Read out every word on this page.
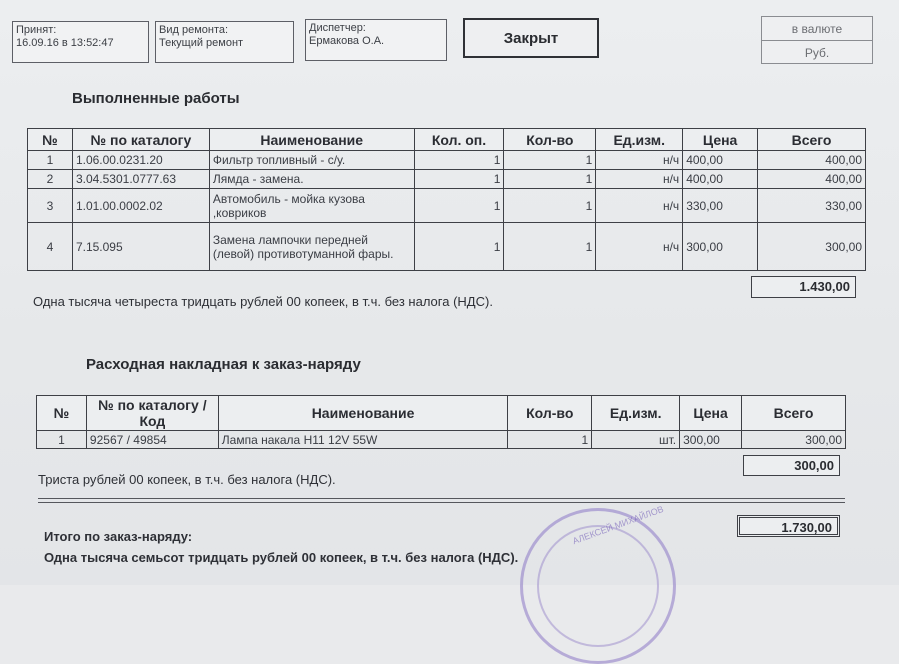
Принят:
16.09.16 в 13:52:47
Вид ремонта:
Текущий ремонт
Диспетчер:
Ермакова О.А.	Закрыт
в валюте
Руб.
Выполненные работы
№	№ по каталогу	Наименование	Кол. оп.	Кол-во	Ед.изм.	Цена	Всего
1	1.06.00.0231.20	Фильтр топливный - с/у.	1	1	н/ч	400,00	400,00
2	3.04.5301.0777.63	Лямда - замена.	1	1	н/ч	400,00	400,00
3	1.01.00.0002.02	Автомобиль - мойка кузова ,ковриков	1	1	н/ч	330,00	330,00
4	7.15.095	Замена лампочки передней (левой) противотуманной фары.	1	1	н/ч	300,00	300,00
1.430,00
Одна тысяча четыреста тридцать рублей 00 копеек, в т.ч. без налога (НДС).
Расходная накладная к заказ-наряду
№	№ по каталогу / Код	Наименование	Кол-во	Ед.изм.	Цена	Всего
1	92567 / 49854	Лампа накала H11 12V 55W	1	шт.	300,00	300,00
300,00
Триста рублей 00 копеек, в т.ч. без налога (НДС).
АЛЕКСЕЙ МИХАЙЛОВ
Итого по заказ-наряду:
1.730,00
Одна тысяча семьсот тридцать рублей 00 копеек, в т.ч. без налога (НДС).
